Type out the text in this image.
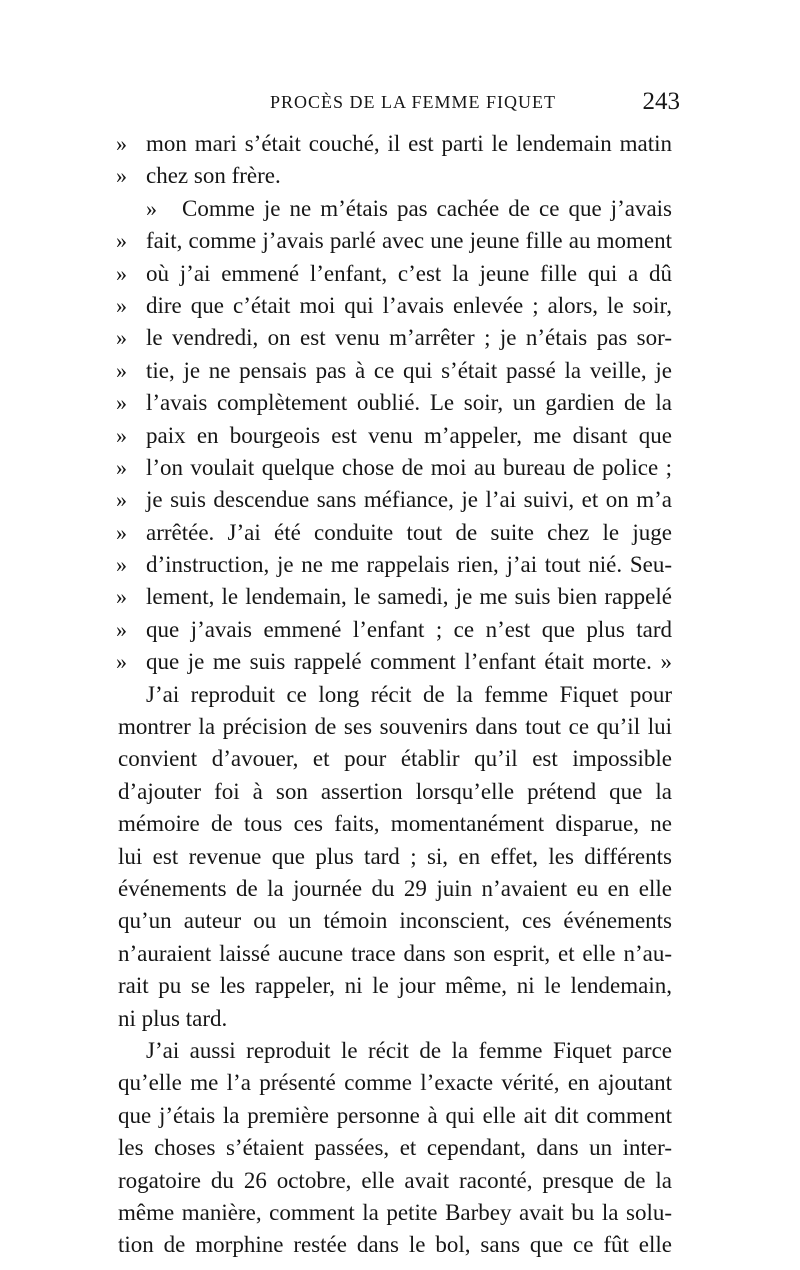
PROCÈS DE LA FEMME FIQUET	243
» mon mari s’était couché, il est parti le lendemain matin
» chez son frère.
»	Comme je ne m’étais pas cachée de ce que j’avais
» fait, comme j’avais parlé avec une jeune fille au moment
» où j’ai emmené l’enfant, c’est la jeune fille qui a dû
» dire que c’était moi qui l’avais enlevée ; alors, le soir,
» le vendredi, on est venu m’arrêter ; je n’étais pas sor-
» tie, je ne pensais pas à ce qui s’était passé la veille, je
» l’avais complètement oublié. Le soir, un gardien de la
» paix en bourgeois est venu m’appeler, me disant que
» l’on voulait quelque chose de moi au bureau de police ;
» je suis descendue sans méfiance, je l’ai suivi, et on m’a
» arrêtée. J’ai été conduite tout de suite chez le juge
» d’instruction, je ne me rappelais rien, j’ai tout nié. Seu-
» lement, le lendemain, le samedi, je me suis bien rappelé
» que j’avais emmené l’enfant ; ce n’est que plus tard
» que je me suis rappelé comment l’enfant était morte. »
J’ai reproduit ce long récit de la femme Fiquet pour
montrer la précision de ses souvenirs dans tout ce qu’il lui
convient d’avouer, et pour établir qu’il est impossible
d’ajouter foi à son assertion lorsqu’elle prétend que la
mémoire de tous ces faits, momentanément disparue, ne
lui est revenue que plus tard ; si, en effet, les différents
événements de la journée du 29 juin n’avaient eu en elle
qu’un auteur ou un témoin inconscient, ces événements
n’auraient laissé aucune trace dans son esprit, et elle n’au-
rait pu se les rappeler, ni le jour même, ni le lendemain,
ni plus tard.
J’ai aussi reproduit le récit de la femme Fiquet parce
qu’elle me l’a présenté comme l’exacte vérité, en ajoutant
que j’étais la première personne à qui elle ait dit comment
les choses s’étaient passées, et cependant, dans un inter-
rogatoire du 26 octobre, elle avait raconté, presque de la
même manière, comment la petite Barbey avait bu la solu-
tion de morphine restée dans le bol, sans que ce fût elle
